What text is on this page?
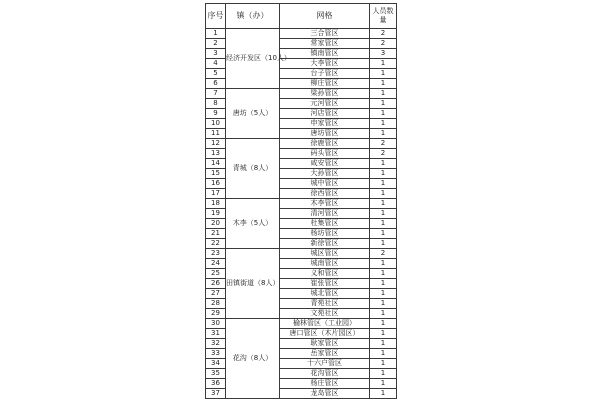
序号	镇（办）	网格	人员数量
1	经济开发区（10人）	三合管区	2
2		常家管区	2
3		镇南管区	3
4		大李管区	1
5		台子管区	1
6		柳庄管区	1
7	唐坊（5人）	梁孙管区	1
8		元河管区	1
9		河店管区	1
10		申家管区	1
11		唐坊管区	1
12	青城（8人）	徐鹿管区	2
13		码头管区	2
14		咸安管区	1
15		大孙管区	1
16		城中管区	1
17		徐西管区	1
18	木李（5人）	木李管区	1
19		清河管区	1
20		杜集管区	1
21		杨坊管区	1
22		新徐管区	1
23	田镇街道（8人）	城区管区	2
24		城南管区	1
25		义和管区	1
26		崔张管区	1
27		城北管区	1
28		青苑社区	1
29		文苑社区	1
30	花沟（8人）	榆林管区（工业园）	1
31		唐口管区（木片园区）	1
32		耿家管区	1
33		岳家管区	1
34		十六户管区	1
35		花沟管区	1
36		杨庄管区	1
37		龙岛管区	1
